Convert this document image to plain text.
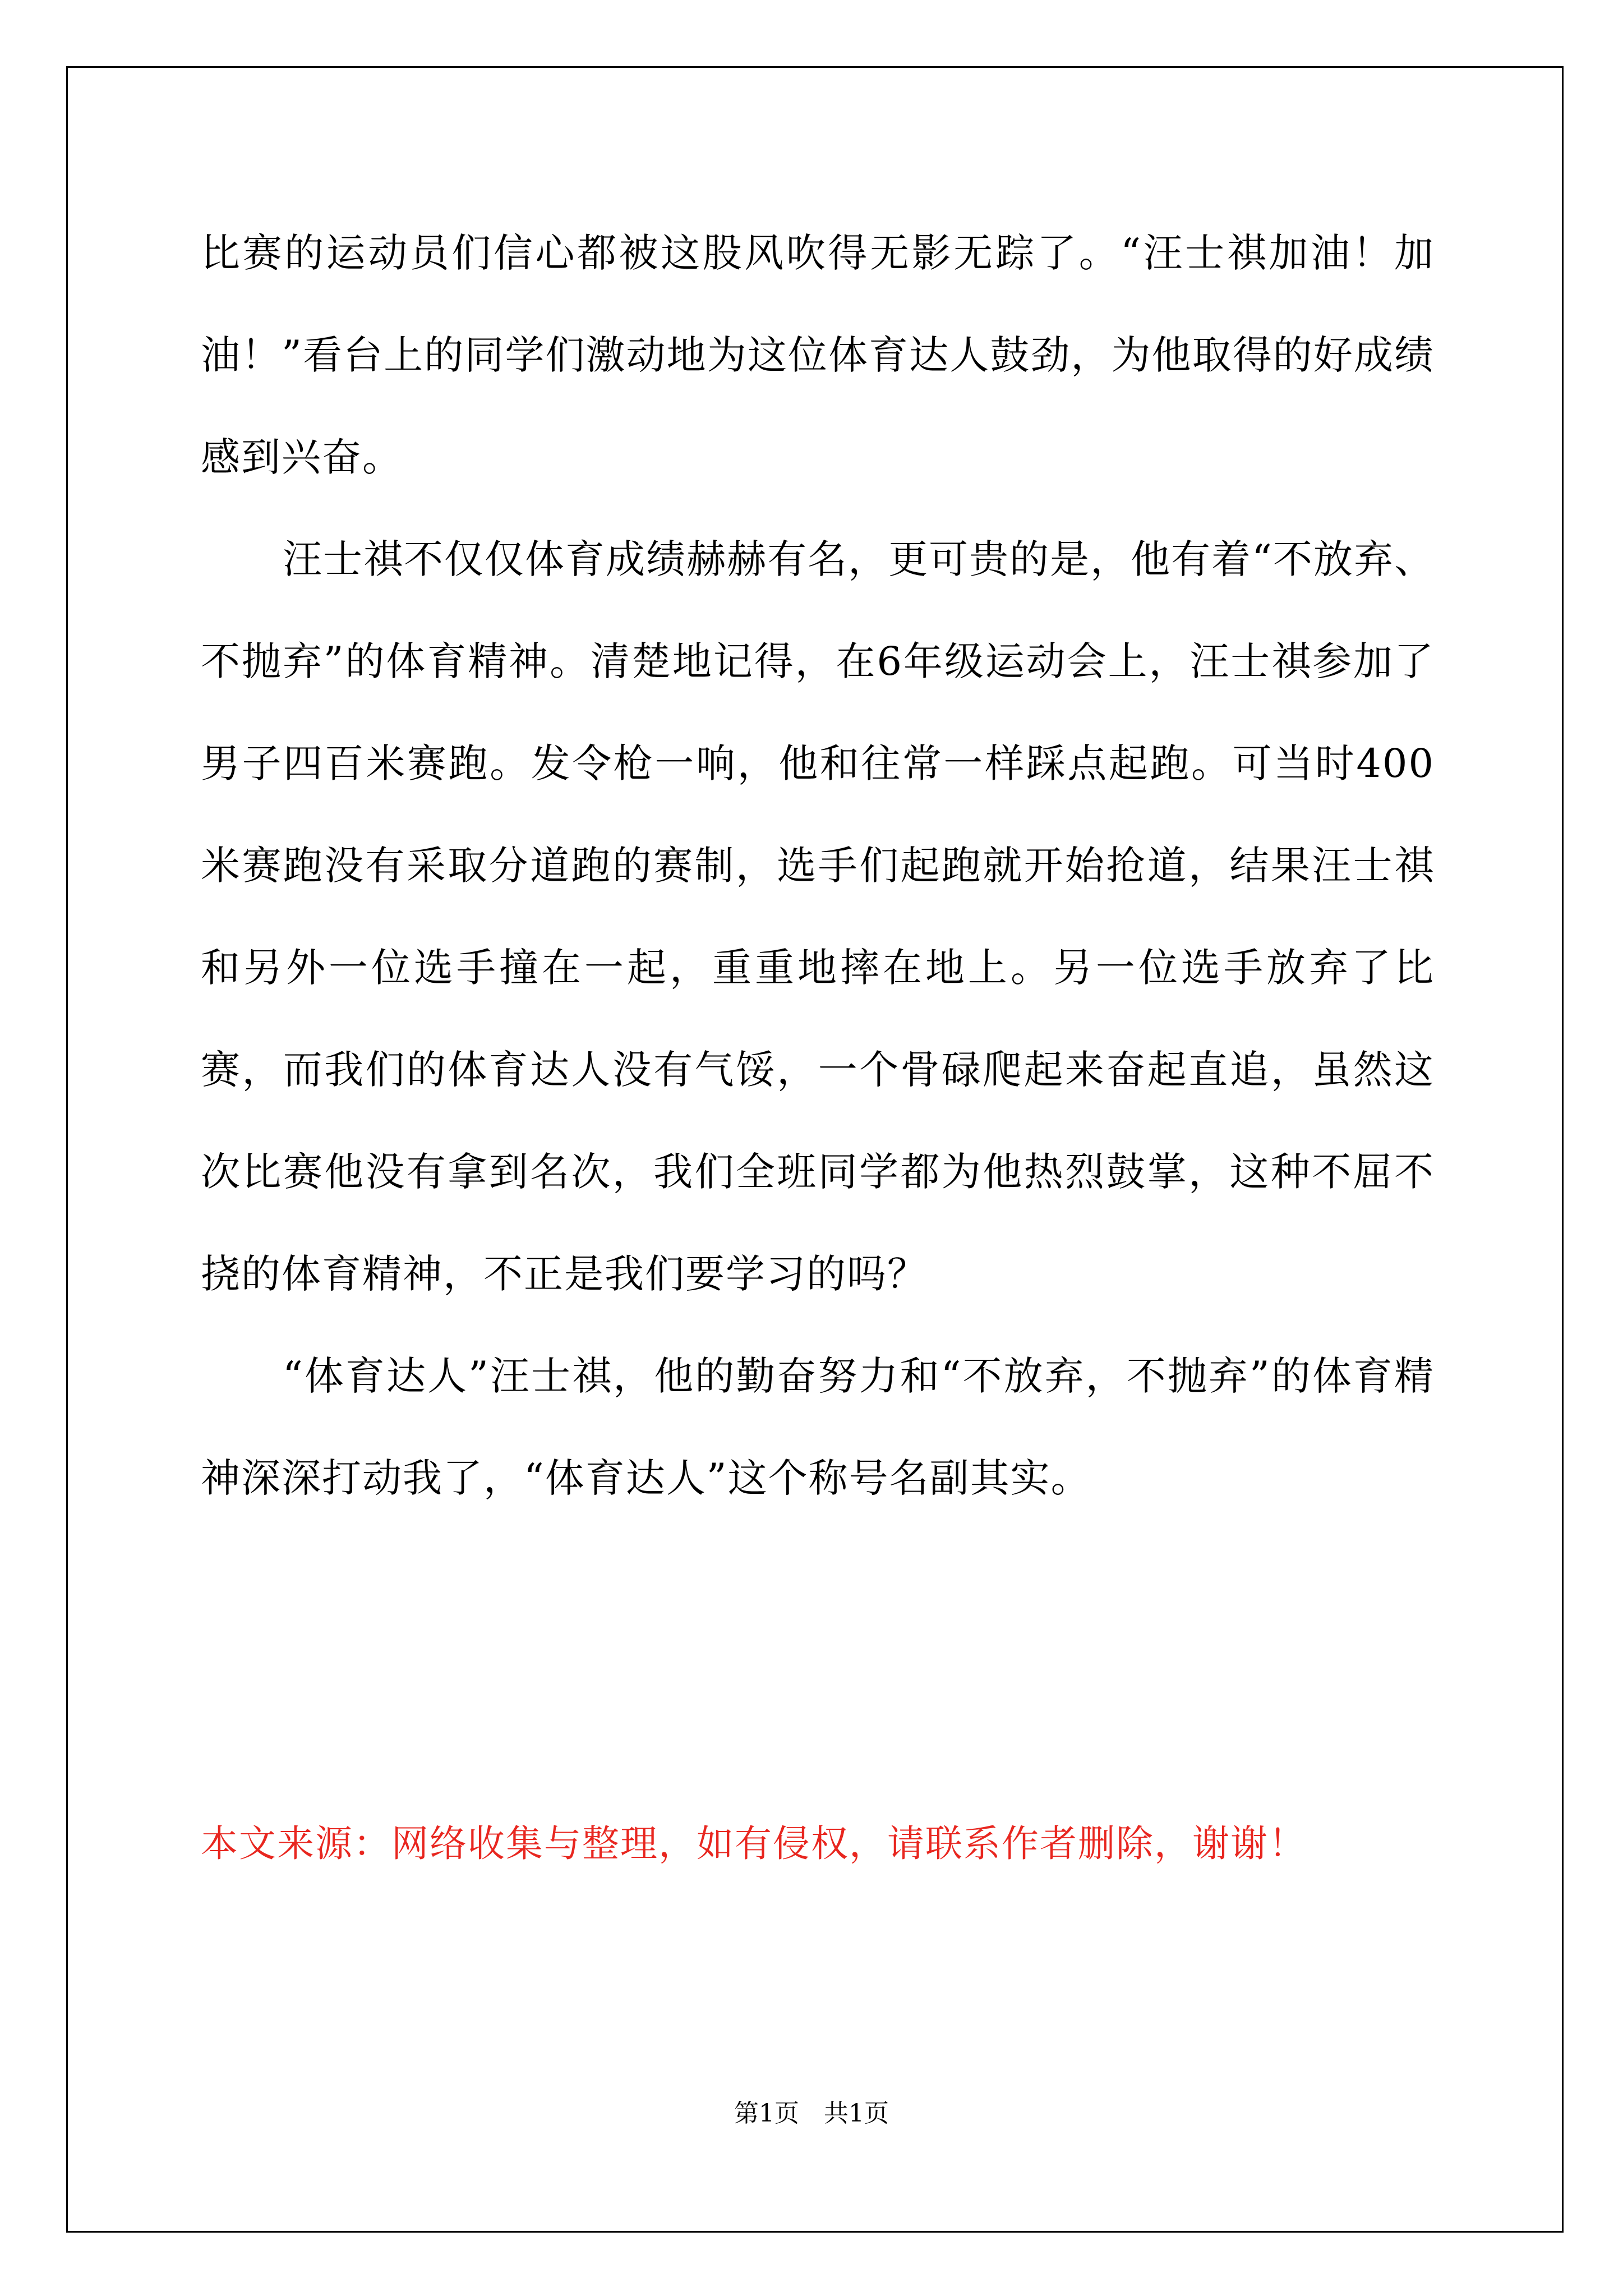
比赛的运动员们信心都被这股风吹得无影无踪了。“汪士祺加油！加油！”看台上的同学们激动地为这位体育达人鼓劲，为他取得的好成绩感到兴奋。

汪士祺不仅仅体育成绩赫赫有名，更可贵的是，他有着“不放弃、不抛弃”的体育精神。清楚地记得，在6年级运动会上，汪士祺参加了男子四百米赛跑。发令枪一响，他和往常一样踩点起跑。可当时400米赛跑没有采取分道跑的赛制，选手们起跑就开始抢道，结果汪士祺和另外一位选手撞在一起，重重地摔在地上。另一位选手放弃了比赛，而我们的体育达人没有气馁，一个骨碌爬起来奋起直追，虽然这次比赛他没有拿到名次，我们全班同学都为他热烈鼓掌，这种不屈不挠的体育精神，不正是我们要学习的吗？

“体育达人”汪士祺，他的勤奋努力和“不放弃，不抛弃”的体育精神深深打动我了，“体育达人”这个称号名副其实。

本文来源：网络收集与整理，如有侵权，请联系作者删除，谢谢！
第1页　共1页
